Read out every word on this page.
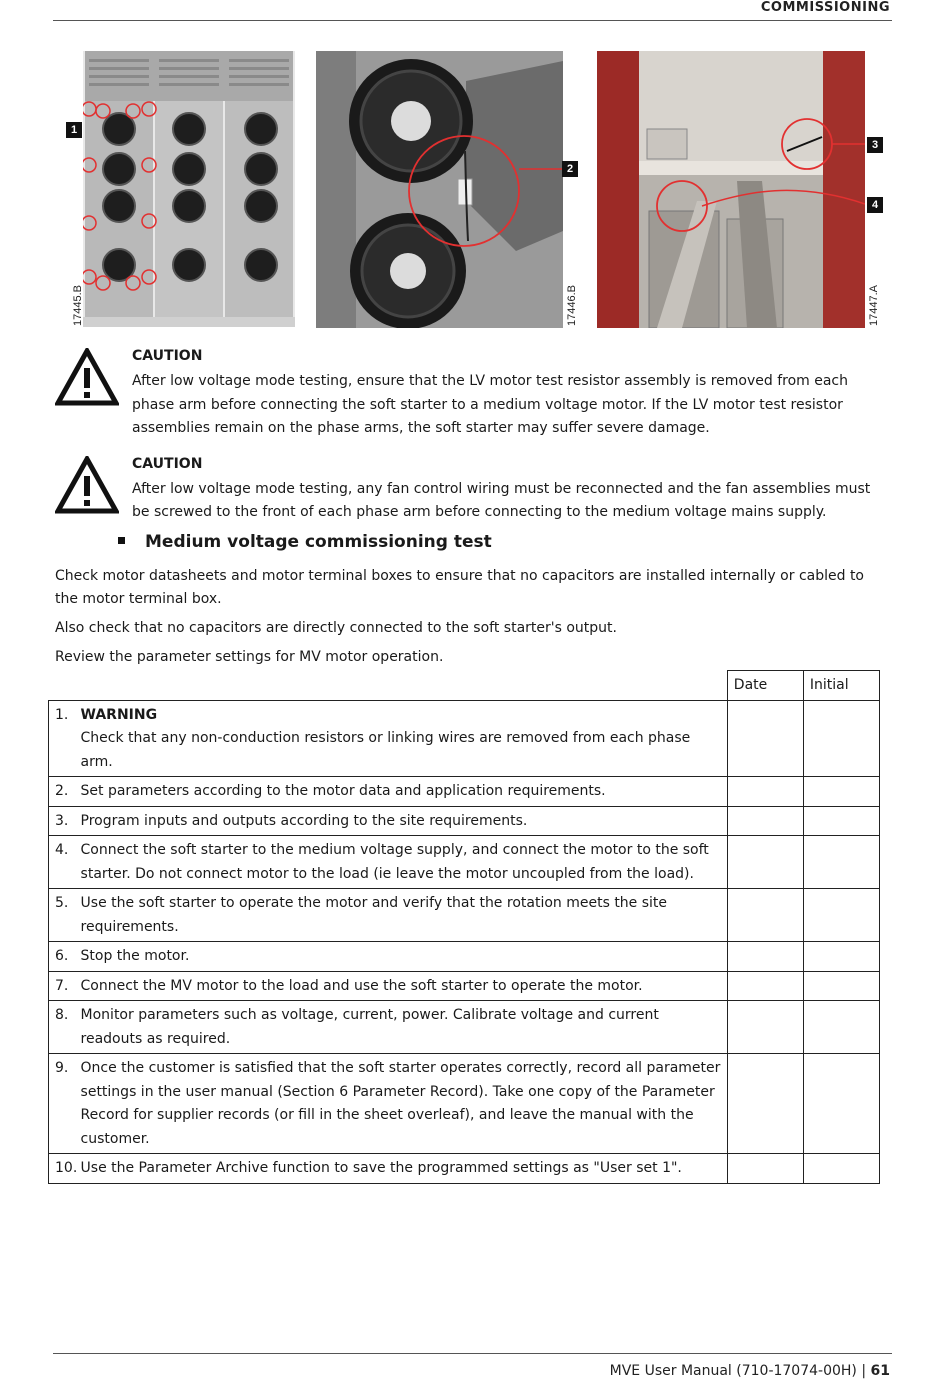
COMMISSIONING
17445.B
1
17446.B
2
17447.A
3
4
CAUTION
After low voltage mode testing, ensure that the LV motor test resistor assembly is removed from each phase arm before connecting the soft starter to a medium voltage motor. If the LV motor test resistor assemblies remain on the phase arms, the soft starter may suffer severe damage.
CAUTION
After low voltage mode testing, any fan control wiring must be reconnected and the fan assemblies must be screwed to the front of each phase arm before connecting to the medium voltage mains supply.
Medium voltage commissioning test
Check motor datasheets and motor terminal boxes to ensure that no capacitors are installed internally or cabled to the motor terminal box.
Also check that no capacitors are directly connected to the soft starter's output.
Review the parameter settings for MV motor operation.
		Date	Initial
1.	WARNING
Check that any non-conduction resistors or linking wires are removed from each phase arm.		

2.	Set parameters according to the motor data and application requirements.		
3.	Program inputs and outputs according to the site requirements.		
4.	Connect the soft starter to the medium voltage supply, and connect the motor to the soft starter. Do not connect motor to the load (ie leave the motor uncoupled from the load).		
5.	Use the soft starter to operate the motor and verify that the rotation meets the site requirements.		
6.	Stop the motor.		
7.	Connect the MV motor to the load and use the soft starter to operate the motor.		
8.	Monitor parameters such as voltage, current, power. Calibrate voltage and current readouts as required.		
9.	Once the customer is satisfied that the soft starter operates correctly, record all parameter settings in the user manual (Section 6 Parameter Record). Take one copy of the Parameter Record for supplier records (or fill in the sheet overleaf), and leave the manual with the customer.		
10.	Use the Parameter Archive function to save the programmed settings as "User set 1".		
MVE User Manual (710-17074-00H) | 61
